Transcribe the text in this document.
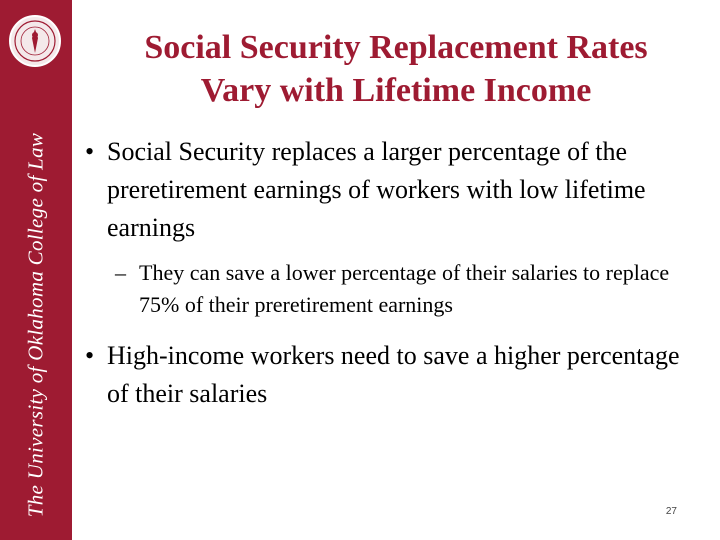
The University of Oklahoma College of Law
Social Security Replacement Rates
Vary with Lifetime Income
• Social Security replaces a larger percentage of the preretirement earnings of workers with low lifetime earnings
– They can save a lower percentage of their salaries to replace 75% of their preretirement earnings
• High-income workers need to save a higher percentage of their salaries
27
